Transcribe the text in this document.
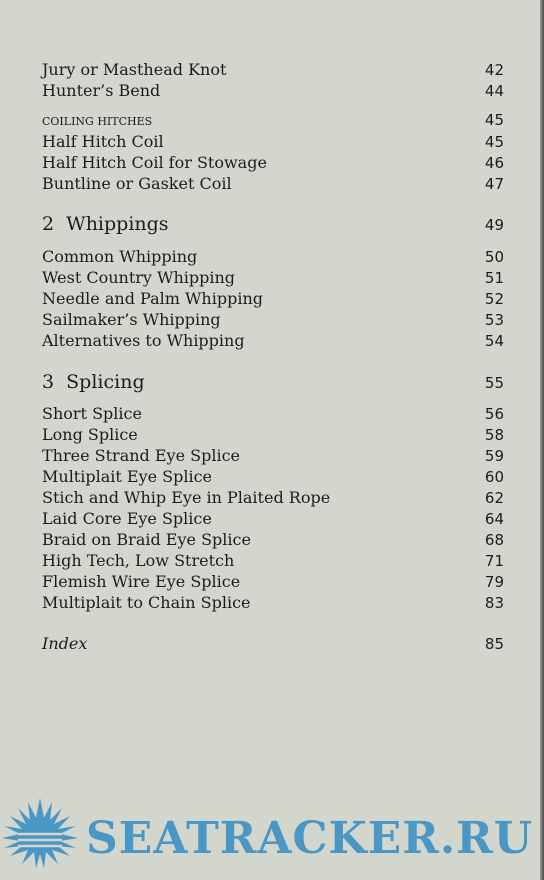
Jury or Masthead Knot	42
Hunter’s Bend	44
COILING HITCHES	45
Half Hitch Coil	45
Half Hitch Coil for Stowage	46
Buntline or Gasket Coil	47
2  Whippings	49
Common Whipping	50
West Country Whipping	51
Needle and Palm Whipping	52
Sailmaker’s Whipping	53
Alternatives to Whipping	54
3  Splicing	55
Short Splice	56
Long Splice	58
Three Strand Eye Splice	59
Multiplait Eye Splice	60
Stich and Whip Eye in Plaited Rope	62
Laid Core Eye Splice	64
Braid on Braid Eye Splice	68
High Tech, Low Stretch	71
Flemish Wire Eye Splice	79
Multiplait to Chain Splice	83
Index	85
SEATRACKER.RU
